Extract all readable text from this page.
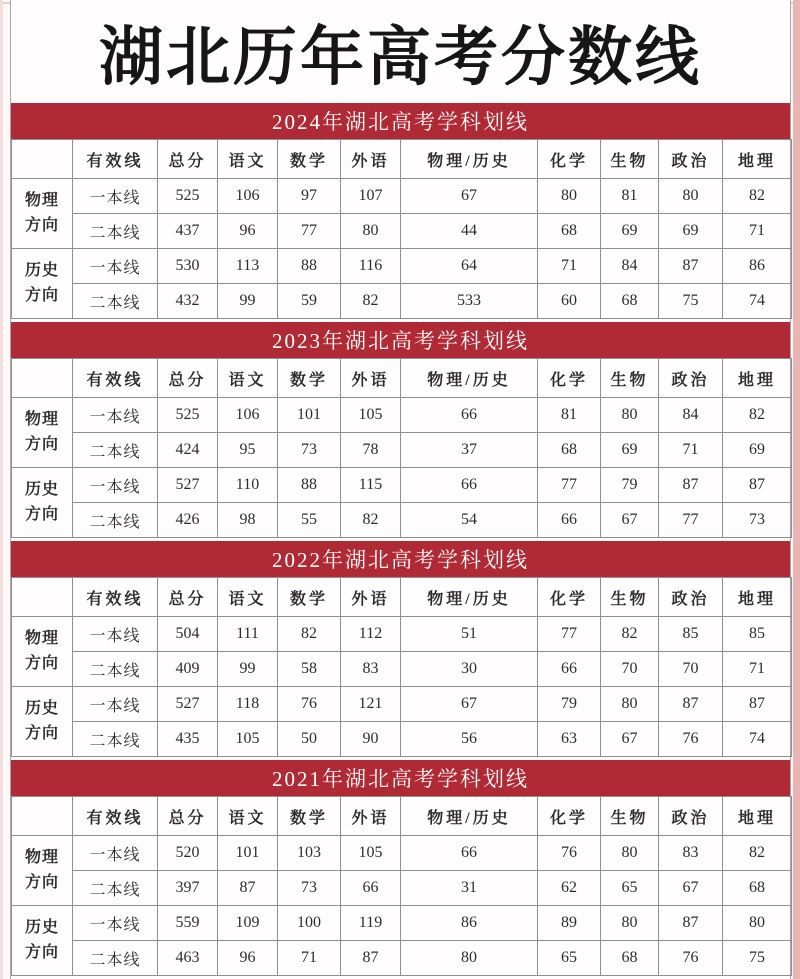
湖北历年高考分数线
2024年湖北高考学科划线
	有效线	总分	语文	数学	外语	物理/历史	化学	生物	政治	地理
物理方向	一本线	525	106	97	107	67	80	81	80	82
	二本线	437	96	77	80	44	68	69	69	71
历史方向	一本线	530	113	88	116	64	71	84	87	86
	二本线	432	99	59	82	533	60	68	75	74
2023年湖北高考学科划线
	有效线	总分	语文	数学	外语	物理/历史	化学	生物	政治	地理
物理方向	一本线	525	106	101	105	66	81	80	84	82
	二本线	424	95	73	78	37	68	69	71	69
历史方向	一本线	527	110	88	115	66	77	79	87	87
	二本线	426	98	55	82	54	66	67	77	73
2022年湖北高考学科划线
	有效线	总分	语文	数学	外语	物理/历史	化学	生物	政治	地理
物理方向	一本线	504	111	82	112	51	77	82	85	85
	二本线	409	99	58	83	30	66	70	70	71
历史方向	一本线	527	118	76	121	67	79	80	87	87
	二本线	435	105	50	90	56	63	67	76	74
2021年湖北高考学科划线
	有效线	总分	语文	数学	外语	物理/历史	化学	生物	政治	地理
物理方向	一本线	520	101	103	105	66	76	80	83	82
	二本线	397	87	73	66	31	62	65	67	68
历史方向	一本线	559	109	100	119	86	89	80	87	80
	二本线	463	96	71	87	80	65	68	76	75
